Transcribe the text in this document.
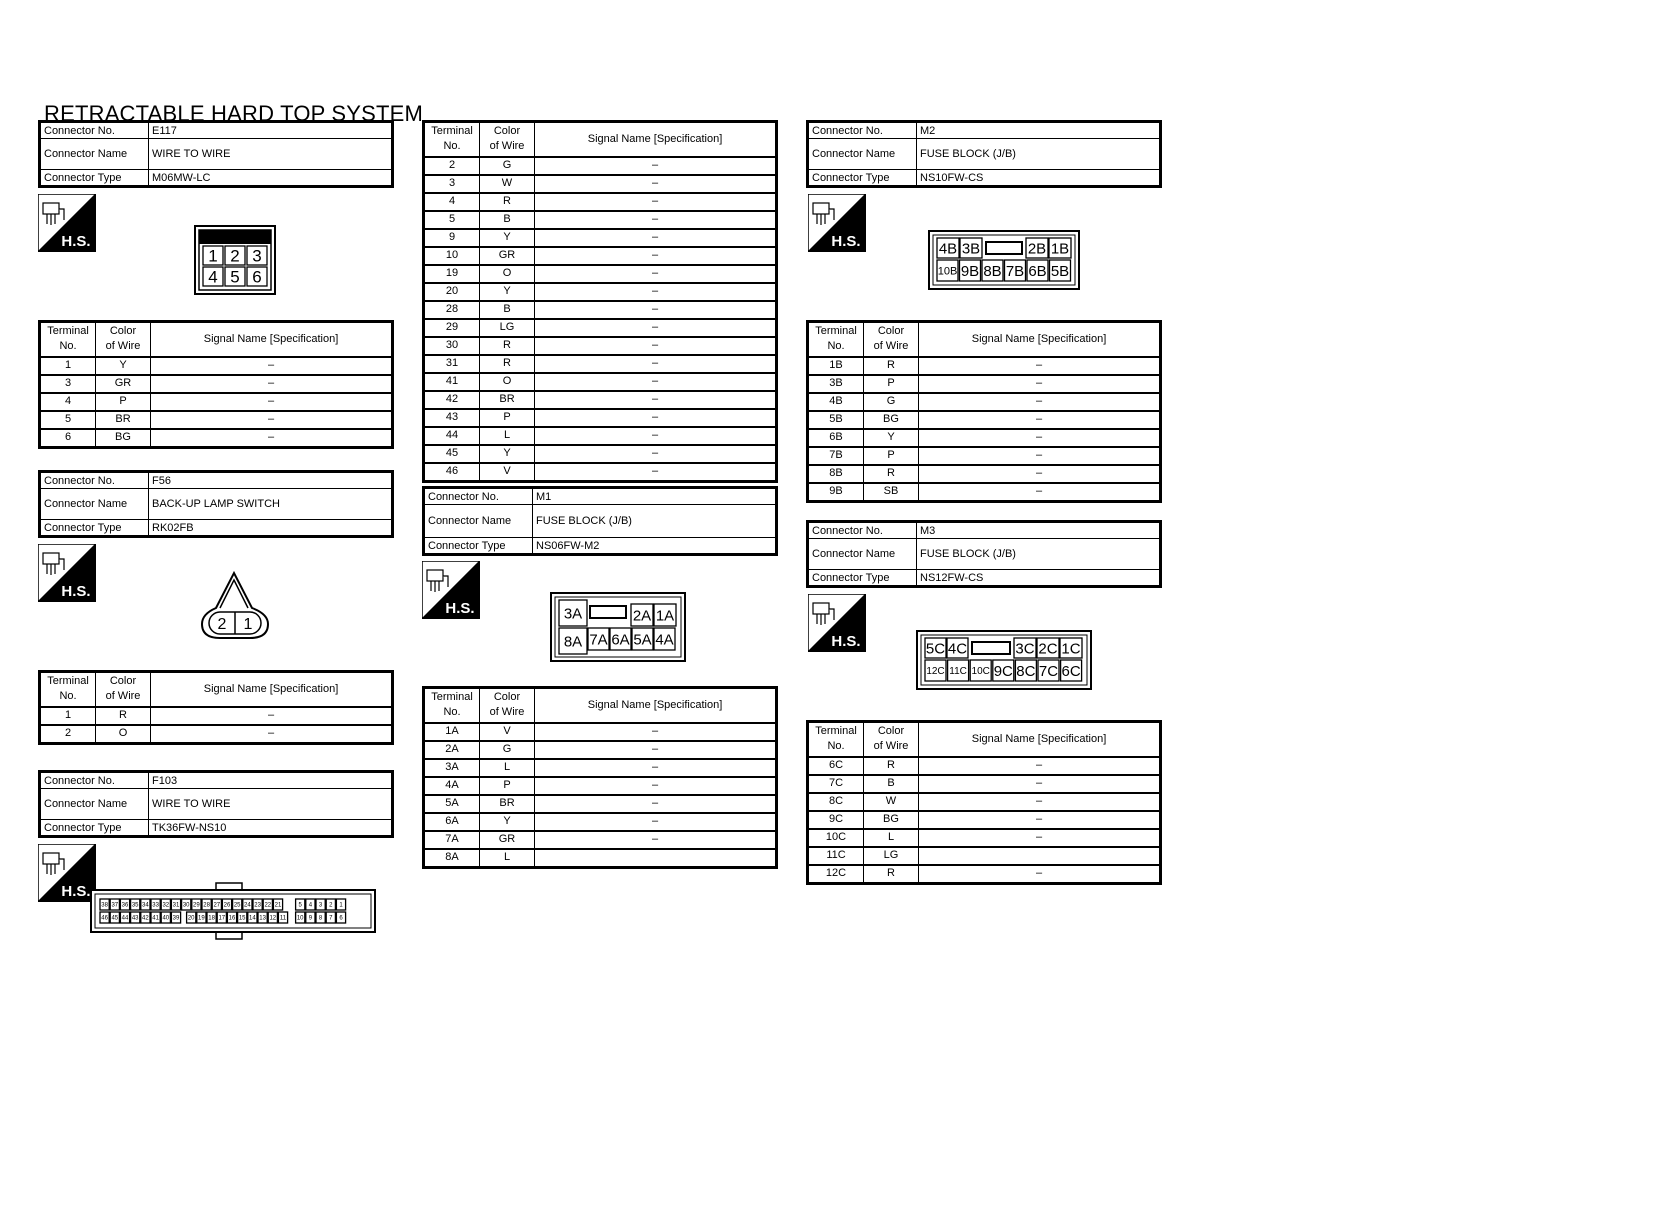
RETRACTABLE HARD TOP SYSTEM
Connector No.	E117
Connector Name	WIRE TO WIRE
Connector Type	M06MW-LC
H.S.
1 2 3
4 5 6
Terminal
No.	Color
of Wire	Signal Name [Specification]
1	Y	–
3	GR	–
4	P	–
5	BR	–
6	BG	–
Connector No.	F56
Connector Name	BACK-UP LAMP SWITCH
Connector Type	RK02FB
H.S.
2 1
Terminal
No.	Color
of Wire	Signal Name [Specification]
1	R	–
2	O	–
Connector No.	F103
Connector Name	WIRE TO WIRE
Connector Type	TK36FW-NS10
H.S.
38 37 36 35 34 33 32 31 30 29 28 27 26 25 24 23 22 21	5 4 3 2 1
46 45 44 43 42 41 40 39 20 19 18 17 16 15 14 13 12 11 10 9 8 7 6
Terminal
No.	Color
of Wire	Signal Name [Specification]
2	G	–
3	W	–
4	R	–
5	B	–
9	Y	–
10	GR	–
19	O	–
20	Y	–
28	B	–
29	LG	–
30	R	–
31	R	–
41	O	–
42	BR	–
43	P	–
44	L	–
45	Y	–
46	V	–
Connector No.	M1
Connector Name	FUSE BLOCK (J/B)
Connector Type	NS06FW-M2
H.S.	3A	2A 1A
8A 7A 6A 5A 4A
Terminal
No.	Color
of Wire	Signal Name [Specification]
1A	V	–
2A	G	–
3A	L	–
4A	P	–
5A	BR	–
6A	Y	–
7A	GR	–
8A	L	
Connector No.	M2
Connector Name	FUSE BLOCK (J/B)
Connector Type	NS10FW-CS
H.S.	4B 3B	2B 1B
10B 9B 8B 7B 6B 5B
Terminal
No.	Color
of Wire	Signal Name [Specification]
1B	R	–
3B	P	–
4B	G	–
5B	BG	–
6B	Y	–
7B	P	–
8B	R	–
9B	SB	–
Connector No.	M3
Connector Name	FUSE BLOCK (J/B)
Connector Type	NS12FW-CS
H.S.	5C 4C	3C 2C 1C
12C 11C 10C 9C 8C 7C 6C
Terminal
No.	Color
of Wire	Signal Name [Specification]
6C	R	–
7C	B	–
8C	W	–
9C	BG	–
10C	L	–
11C	LG	
12C	R	–
